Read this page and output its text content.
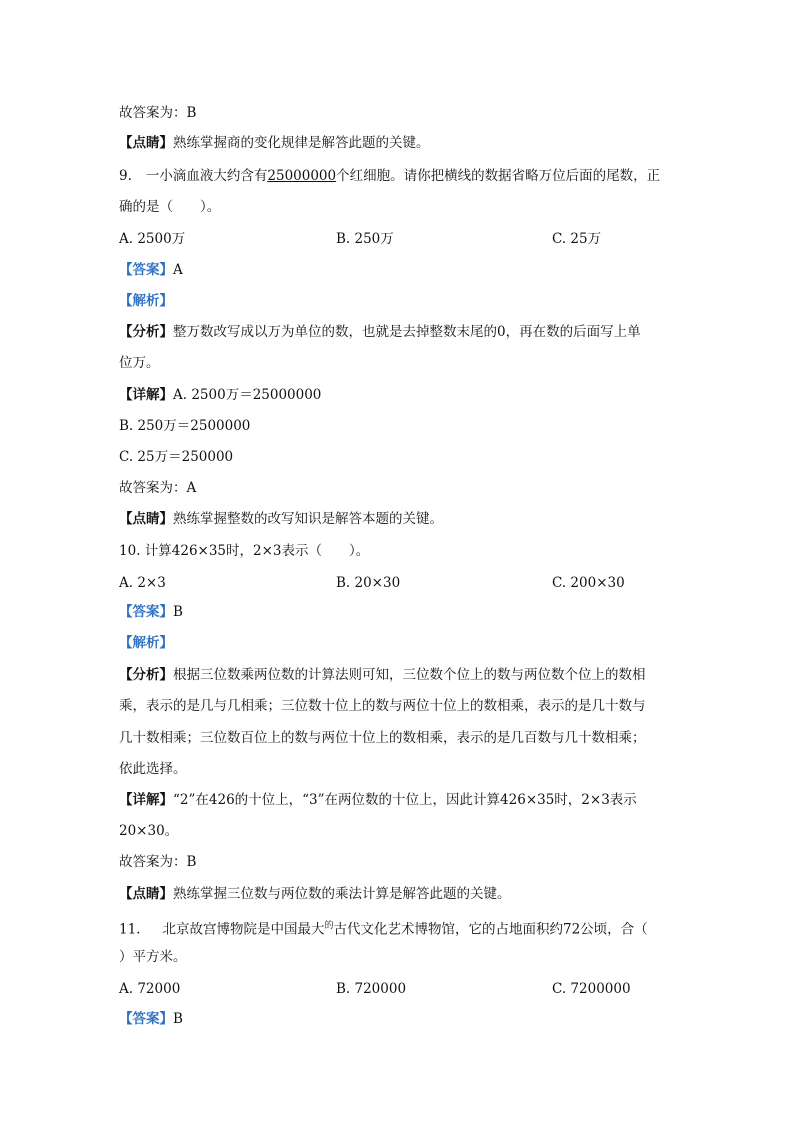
故答案为：B
【点睛】熟练掌握商的变化规律是解答此题的关键。
9. 一小滴血液大约含有25000000个红细胞。请你把横线的数据省略万位后面的尾数，正
确的是（　　）。
A. 2500万	B. 250万	C. 25万
【答案】A
【解析】
【分析】整万数改写成以万为单位的数，也就是去掉整数末尾的0，再在数的后面写上单
位万。
【详解】A. 2500万＝25000000
B. 250万＝2500000
C. 25万＝250000
故答案为：A
【点睛】熟练掌握整数的改写知识是解答本题的关键。
10. 计算426×35时，2×3表示（　　）。
A. 2×3	B. 20×30	C. 200×30
【答案】B
【解析】
【分析】根据三位数乘两位数的计算法则可知，三位数个位上的数与两位数个位上的数相
乘，表示的是几与几相乘；三位数十位上的数与两位十位上的数相乘，表示的是几十数与
几十数相乘；三位数百位上的数与两位十位上的数相乘，表示的是几百数与几十数相乘；
依此选择。
【详解】“2”在426的十位上，“3”在两位数的十位上，因此计算426×35时，2×3表示
20×30。
故答案为：B
【点睛】熟练掌握三位数与两位数的乘法计算是解答此题的关键。
11. 北京故宫博物院是中国最大$^的$古代文化艺术博物馆，它的占地面积约72公顷，合（
）平方米。
A. 72000	B. 720000	C. 7200000
【答案】B
